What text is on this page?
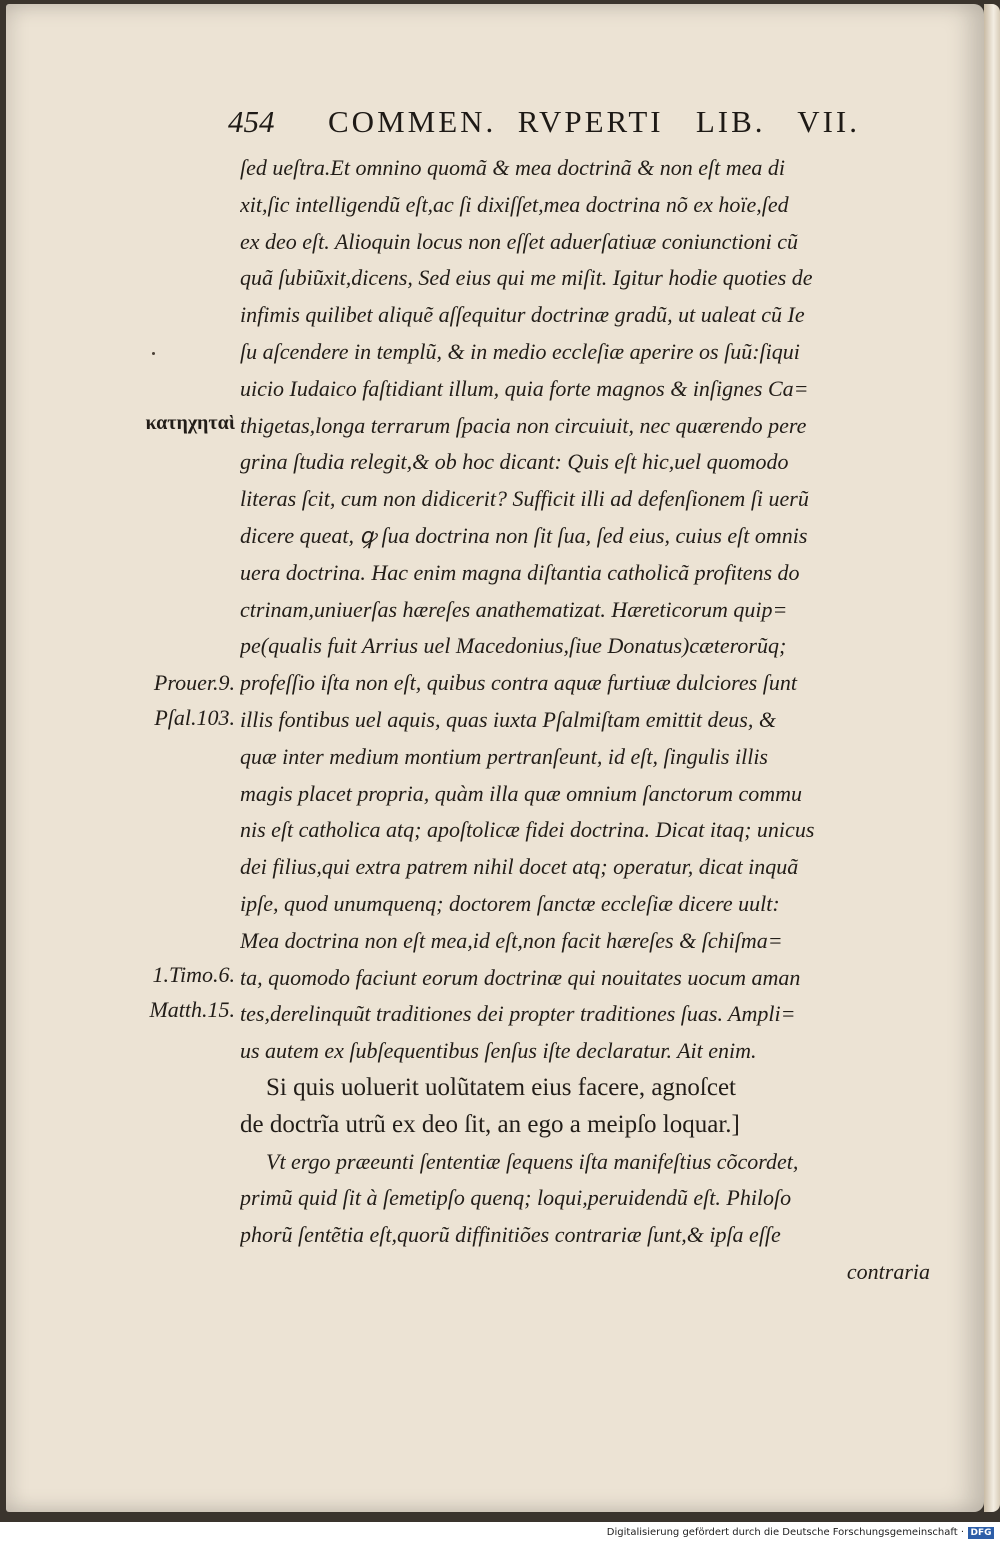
454 COMMEN.  RVPERTI   LIB.   VII.
ſed ueſtra.Et omnino quomã & mea doctrinã & non eſt mea di
xit,ſic intelligendũ eſt,ac ſi dixiſſet,mea doctrina nõ ex hoïe,ſed
ex deo eſt. Alioquin locus non eſſet aduerſatiuæ coniunctioni cũ
quã ſubiũxit,dicens, Sed eius qui me miſit. Igitur hodie quoties de
infimis quilibet aliquẽ aſſequitur doctrinæ gradũ, ut ualeat cũ Ie
ſu aſcendere in templũ, & in medio eccleſiæ aperire os ſuũ:ſiqui
uicio Iudaico faſtidiant illum, quia forte magnos & inſignes Ca=
thigetas,longa terrarum ſpacia non circuiuit, nec quærendo pere
grina ſtudia relegit,& ob hoc dicant: Quis eſt hic,uel quomodo
literas ſcit, cum non didicerit? Sufficit illi ad defenſionem ſi uerũ
dicere queat, ꝙ ſua doctrina non ſit ſua, ſed eius, cuius eſt omnis
uera doctrina. Hac enim magna diſtantia catholicã profitens do
ctrinam,uniuerſas hæreſes anathematizat. Hæreticorum quip=
pe(qualis fuit Arrius uel Macedonius,ſiue Donatus)cæterorũq;
profeſſio iſta non eſt, quibus contra aquæ furtiuæ dulciores ſunt
illis fontibus uel aquis, quas iuxta Pſalmiſtam emittit deus, &
quæ inter medium montium pertranſeunt, id eſt, ſingulis illis
magis placet propria, quàm illa quæ omnium ſanctorum commu
nis eſt catholica atq; apoſtolicæ fidei doctrina. Dicat itaq; unicus
dei filius,qui extra patrem nihil docet atq; operatur, dicat inquã
ipſe, quod unumquenq; doctorem ſanctæ eccleſiæ dicere uult:
Mea doctrina non eſt mea,id eſt,non facit hæreſes & ſchiſma=
ta, quomodo faciunt eorum doctrinæ qui nouitates uocum aman
tes,derelinquũt traditiones dei propter traditiones ſuas. Ampli=
us autem ex ſubſequentibus ſenſus iſte declaratur. Ait enim.
Si quis uoluerit uolũtatem eius facere, agnoſcet
de doctrĩa utrũ ex deo ſit, an ego a meipſo loquar.]
Vt ergo præeunti ſententiæ ſequens iſta manifeſtius cõcordet,
primũ quid ſit à ſemetipſo quenq; loqui,peruidendũ eſt. Philoſo
phorũ ſentẽtia eſt,quorũ diffinitiões contrariæ ſunt,& ipſa eſſe
contraria
κατηχηταὶ
Prouer.9.
Pſal.103.
1.Timo.6.
Matth.15.
Digitalisierung gefördert durch die Deutsche Forschungsgemeinschaft · DFG
